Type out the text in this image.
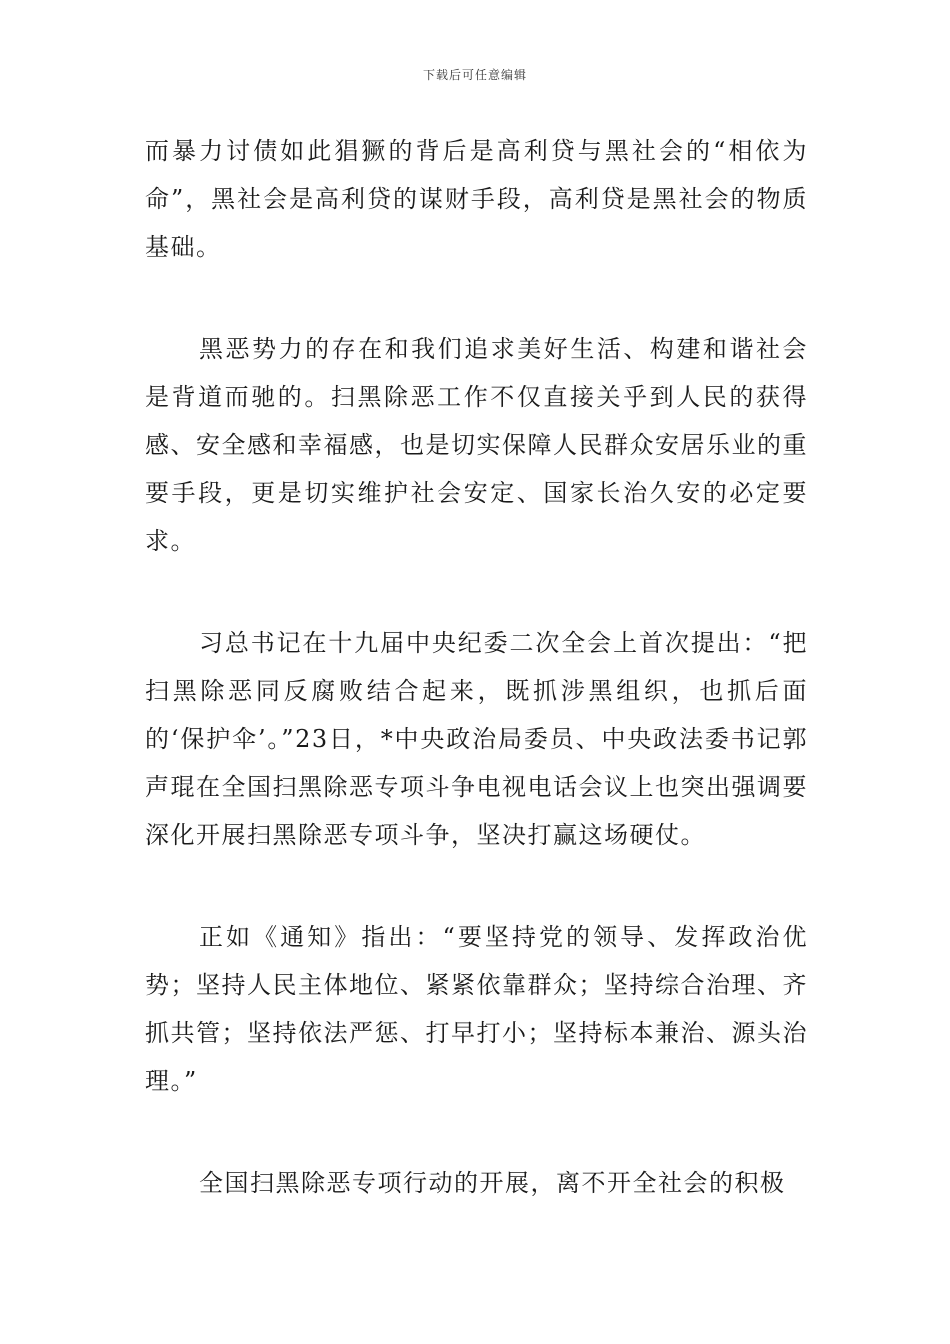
下载后可任意编辑

而暴力讨债如此猖獗的背后是高利贷与黑社会的“相依为命”，黑社会是高利贷的谋财手段，高利贷是黑社会的物质基础。

黑恶势力的存在和我们追求美好生活、构建和谐社会是背道而驰的。扫黑除恶工作不仅直接关乎到人民的获得感、安全感和幸福感，也是切实保障人民群众安居乐业的重要手段，更是切实维护社会安定、国家长治久安的必定要求。

习总书记在十九届中央纪委二次全会上首次提出：“把扫黑除恶同反腐败结合起来，既抓涉黑组织，也抓后面的‘保护伞’。”23日，*中央政治局委员、中央政法委书记郭声琨在全国扫黑除恶专项斗争电视电话会议上也突出强调要深化开展扫黑除恶专项斗争，坚决打赢这场硬仗。

正如《通知》指出：“要坚持党的领导、发挥政治优势；坚持人民主体地位、紧紧依靠群众；坚持综合治理、齐抓共管；坚持依法严惩、打早打小；坚持标本兼治、源头治理。”

全国扫黑除恶专项行动的开展，离不开全社会的积极
